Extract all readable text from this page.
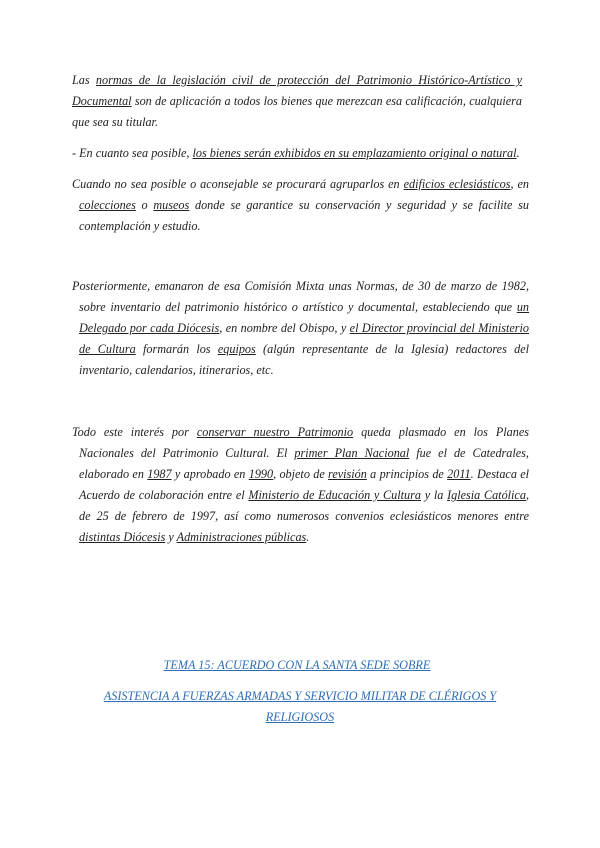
Las normas de la legislación civil de protección del Patrimonio Histórico-Artístico y Documental son de aplicación a todos los bienes que merezcan esa calificación, cualquiera que sea su titular.

- En cuanto sea posible, los bienes serán exhibidos en su emplazamiento original o natural.

Cuando no sea posible o aconsejable se procurará agruparlos en edificios eclesiásticos, en colecciones o museos donde se garantice su conservación y seguridad y se facilite su contemplación y estudio.

Posteriormente, emanaron de esa Comisión Mixta unas Normas, de 30 de marzo de 1982, sobre inventario del patrimonio histórico o artístico y documental, estableciendo que un Delegado por cada Diócesis, en nombre del Obispo, y el Director provincial del Ministerio de Cultura formarán los equipos (algún representante de la Iglesia) redactores del inventario, calendarios, itinerarios, etc.

Todo este interés por conservar nuestro Patrimonio queda plasmado en los Planes Nacionales del Patrimonio Cultural. El primer Plan Nacional fue el de Catedrales, elaborado en 1987 y aprobado en 1990, objeto de revisión a principios de 2011. Destaca el Acuerdo de colaboración entre el Ministerio de Educación y Cultura y la Iglesia Católica, de 25 de febrero de 1997, así como numerosos convenios eclesiásticos menores entre distintas Diócesis y Administraciones públicas.

TEMA 15: ACUERDO CON LA SANTA SEDE SOBRE

ASISTENCIA A FUERZAS ARMADAS Y SERVICIO MILITAR DE CLÉRIGOS Y RELIGIOSOS
